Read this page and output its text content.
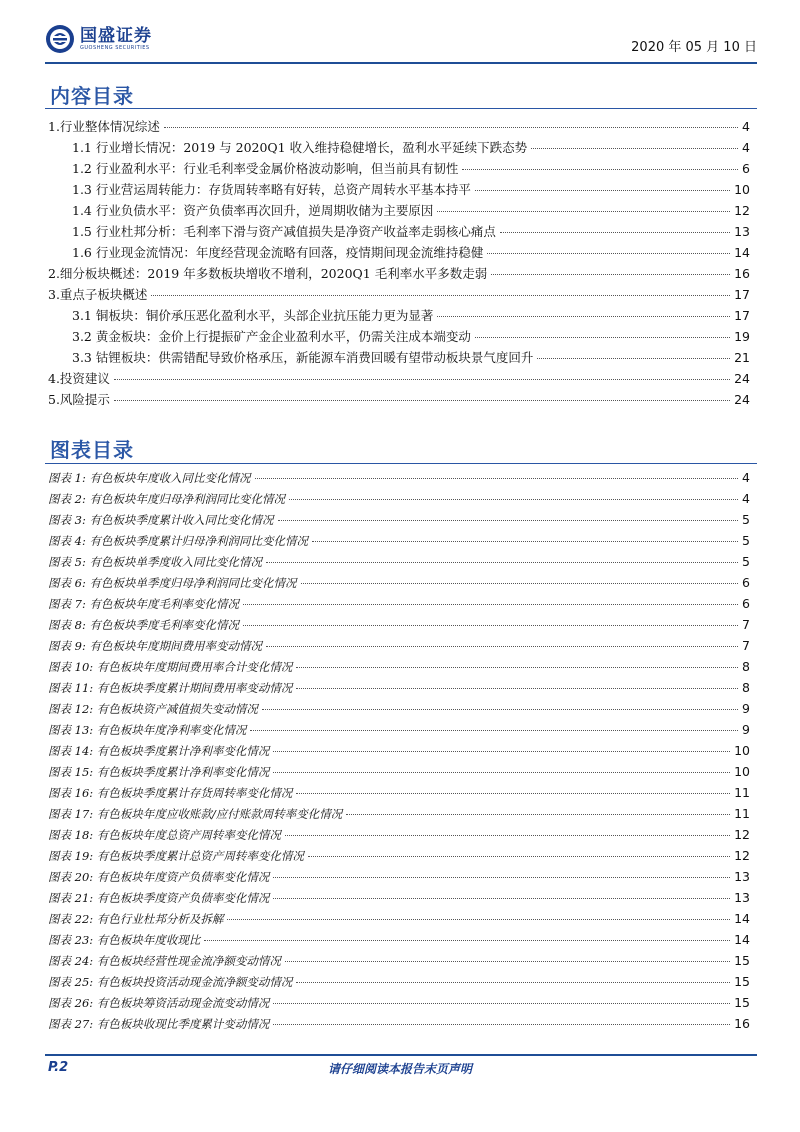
国盛证券
GUOSHENG SECURITIES	2020 年 05 月 10 日
内容目录
1.行业整体情况综述	4
1.1 行业增长情况：2019 与 2020Q1 收入维持稳健增长，盈利水平延续下跌态势	4
1.2 行业盈利水平：行业毛利率受金属价格波动影响，但当前具有韧性	6
1.3 行业营运周转能力：存货周转率略有好转，总资产周转水平基本持平	10
1.4 行业负债水平：资产负债率再次回升，逆周期收储为主要原因	12
1.5 行业杜邦分析：毛利率下滑与资产减值损失是净资产收益率走弱核心痛点	13
1.6 行业现金流情况：年度经营现金流略有回落，疫情期间现金流维持稳健	14
2.细分板块概述：2019 年多数板块增收不增利，2020Q1 毛利率水平多数走弱	16
3.重点子板块概述	17
3.1 铜板块：铜价承压恶化盈利水平，头部企业抗压能力更为显著	17
3.2 黄金板块：金价上行提振矿产金企业盈利水平，仍需关注成本端变动	19
3.3 钴锂板块：供需错配导致价格承压，新能源车消费回暖有望带动板块景气度回升	21
4.投资建议	24
5.风险提示	24
图表目录
图表 1: 有色板块年度收入同比变化情况	4
图表 2: 有色板块年度归母净利润同比变化情况	4
图表 3: 有色板块季度累计收入同比变化情况	5
图表 4: 有色板块季度累计归母净利润同比变化情况	5
图表 5: 有色板块单季度收入同比变化情况	5
图表 6: 有色板块单季度归母净利润同比变化情况	6
图表 7: 有色板块年度毛利率变化情况	6
图表 8: 有色板块季度毛利率变化情况	7
图表 9: 有色板块年度期间费用率变动情况	7
图表 10: 有色板块年度期间费用率合计变化情况	8
图表 11: 有色板块季度累计期间费用率变动情况	8
图表 12: 有色板块资产减值损失变动情况	9
图表 13: 有色板块年度净利率变化情况	9
图表 14: 有色板块季度累计净利率变化情况	10
图表 15: 有色板块季度累计净利率变化情况	10
图表 16: 有色板块季度累计存货周转率变化情况	11
图表 17: 有色板块年度应收账款/应付账款周转率变化情况	11
图表 18: 有色板块年度总资产周转率变化情况	12
图表 19: 有色板块季度累计总资产周转率变化情况	12
图表 20: 有色板块年度资产负债率变化情况	13
图表 21: 有色板块季度资产负债率变化情况	13
图表 22: 有色行业杜邦分析及拆解	14
图表 23: 有色板块年度收现比	14
图表 24: 有色板块经营性现金流净额变动情况	15
图表 25: 有色板块投资活动现金流净额变动情况	15
图表 26: 有色板块筹资活动现金流变动情况	15
图表 27: 有色板块收现比季度累计变动情况	16
P.2	请仔细阅读本报告末页声明
